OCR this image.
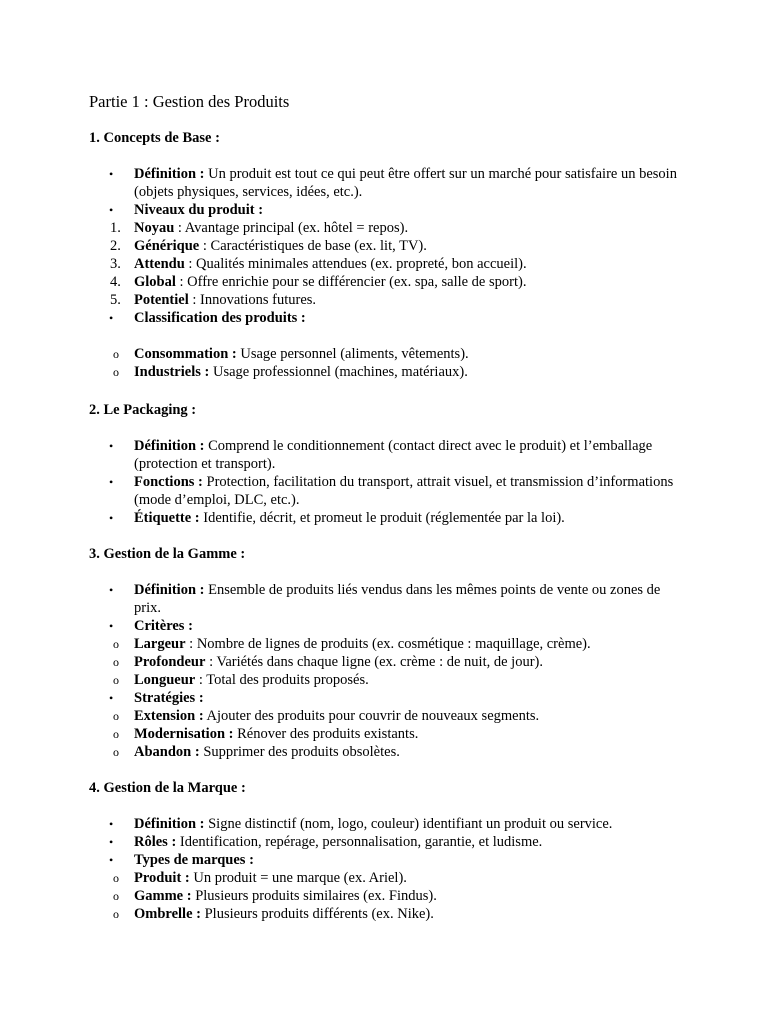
Partie 1 : Gestion des Produits
1. Concepts de Base :
• Définition : Un produit est tout ce qui peut être offert sur un marché pour satisfaire un besoin (objets physiques, services, idées, etc.).
• Niveaux du produit :
1. Noyau : Avantage principal (ex. hôtel = repos).
2. Générique : Caractéristiques de base (ex. lit, TV).
3. Attendu : Qualités minimales attendues (ex. propreté, bon accueil).
4. Global : Offre enrichie pour se différencier (ex. spa, salle de sport).
5. Potentiel : Innovations futures.
• Classification des produits :
o Consommation : Usage personnel (aliments, vêtements).
o Industriels : Usage professionnel (machines, matériaux).
2. Le Packaging :
• Définition : Comprend le conditionnement (contact direct avec le produit) et l’emballage (protection et transport).
• Fonctions : Protection, facilitation du transport, attrait visuel, et transmission d’informations (mode d’emploi, DLC, etc.).
• Étiquette : Identifie, décrit, et promeut le produit (réglementée par la loi).
3. Gestion de la Gamme :
• Définition : Ensemble de produits liés vendus dans les mêmes points de vente ou zones de prix.
• Critères :
o Largeur : Nombre de lignes de produits (ex. cosmétique : maquillage, crème).
o Profondeur : Variétés dans chaque ligne (ex. crème : de nuit, de jour).
o Longueur : Total des produits proposés.
• Stratégies :
o Extension : Ajouter des produits pour couvrir de nouveaux segments.
o Modernisation : Rénover des produits existants.
o Abandon : Supprimer des produits obsolètes.
4. Gestion de la Marque :
• Définition : Signe distinctif (nom, logo, couleur) identifiant un produit ou service.
• Rôles : Identification, repérage, personnalisation, garantie, et ludisme.
• Types de marques :
o Produit : Un produit = une marque (ex. Ariel).
o Gamme : Plusieurs produits similaires (ex. Findus).
o Ombrelle : Plusieurs produits différents (ex. Nike).
